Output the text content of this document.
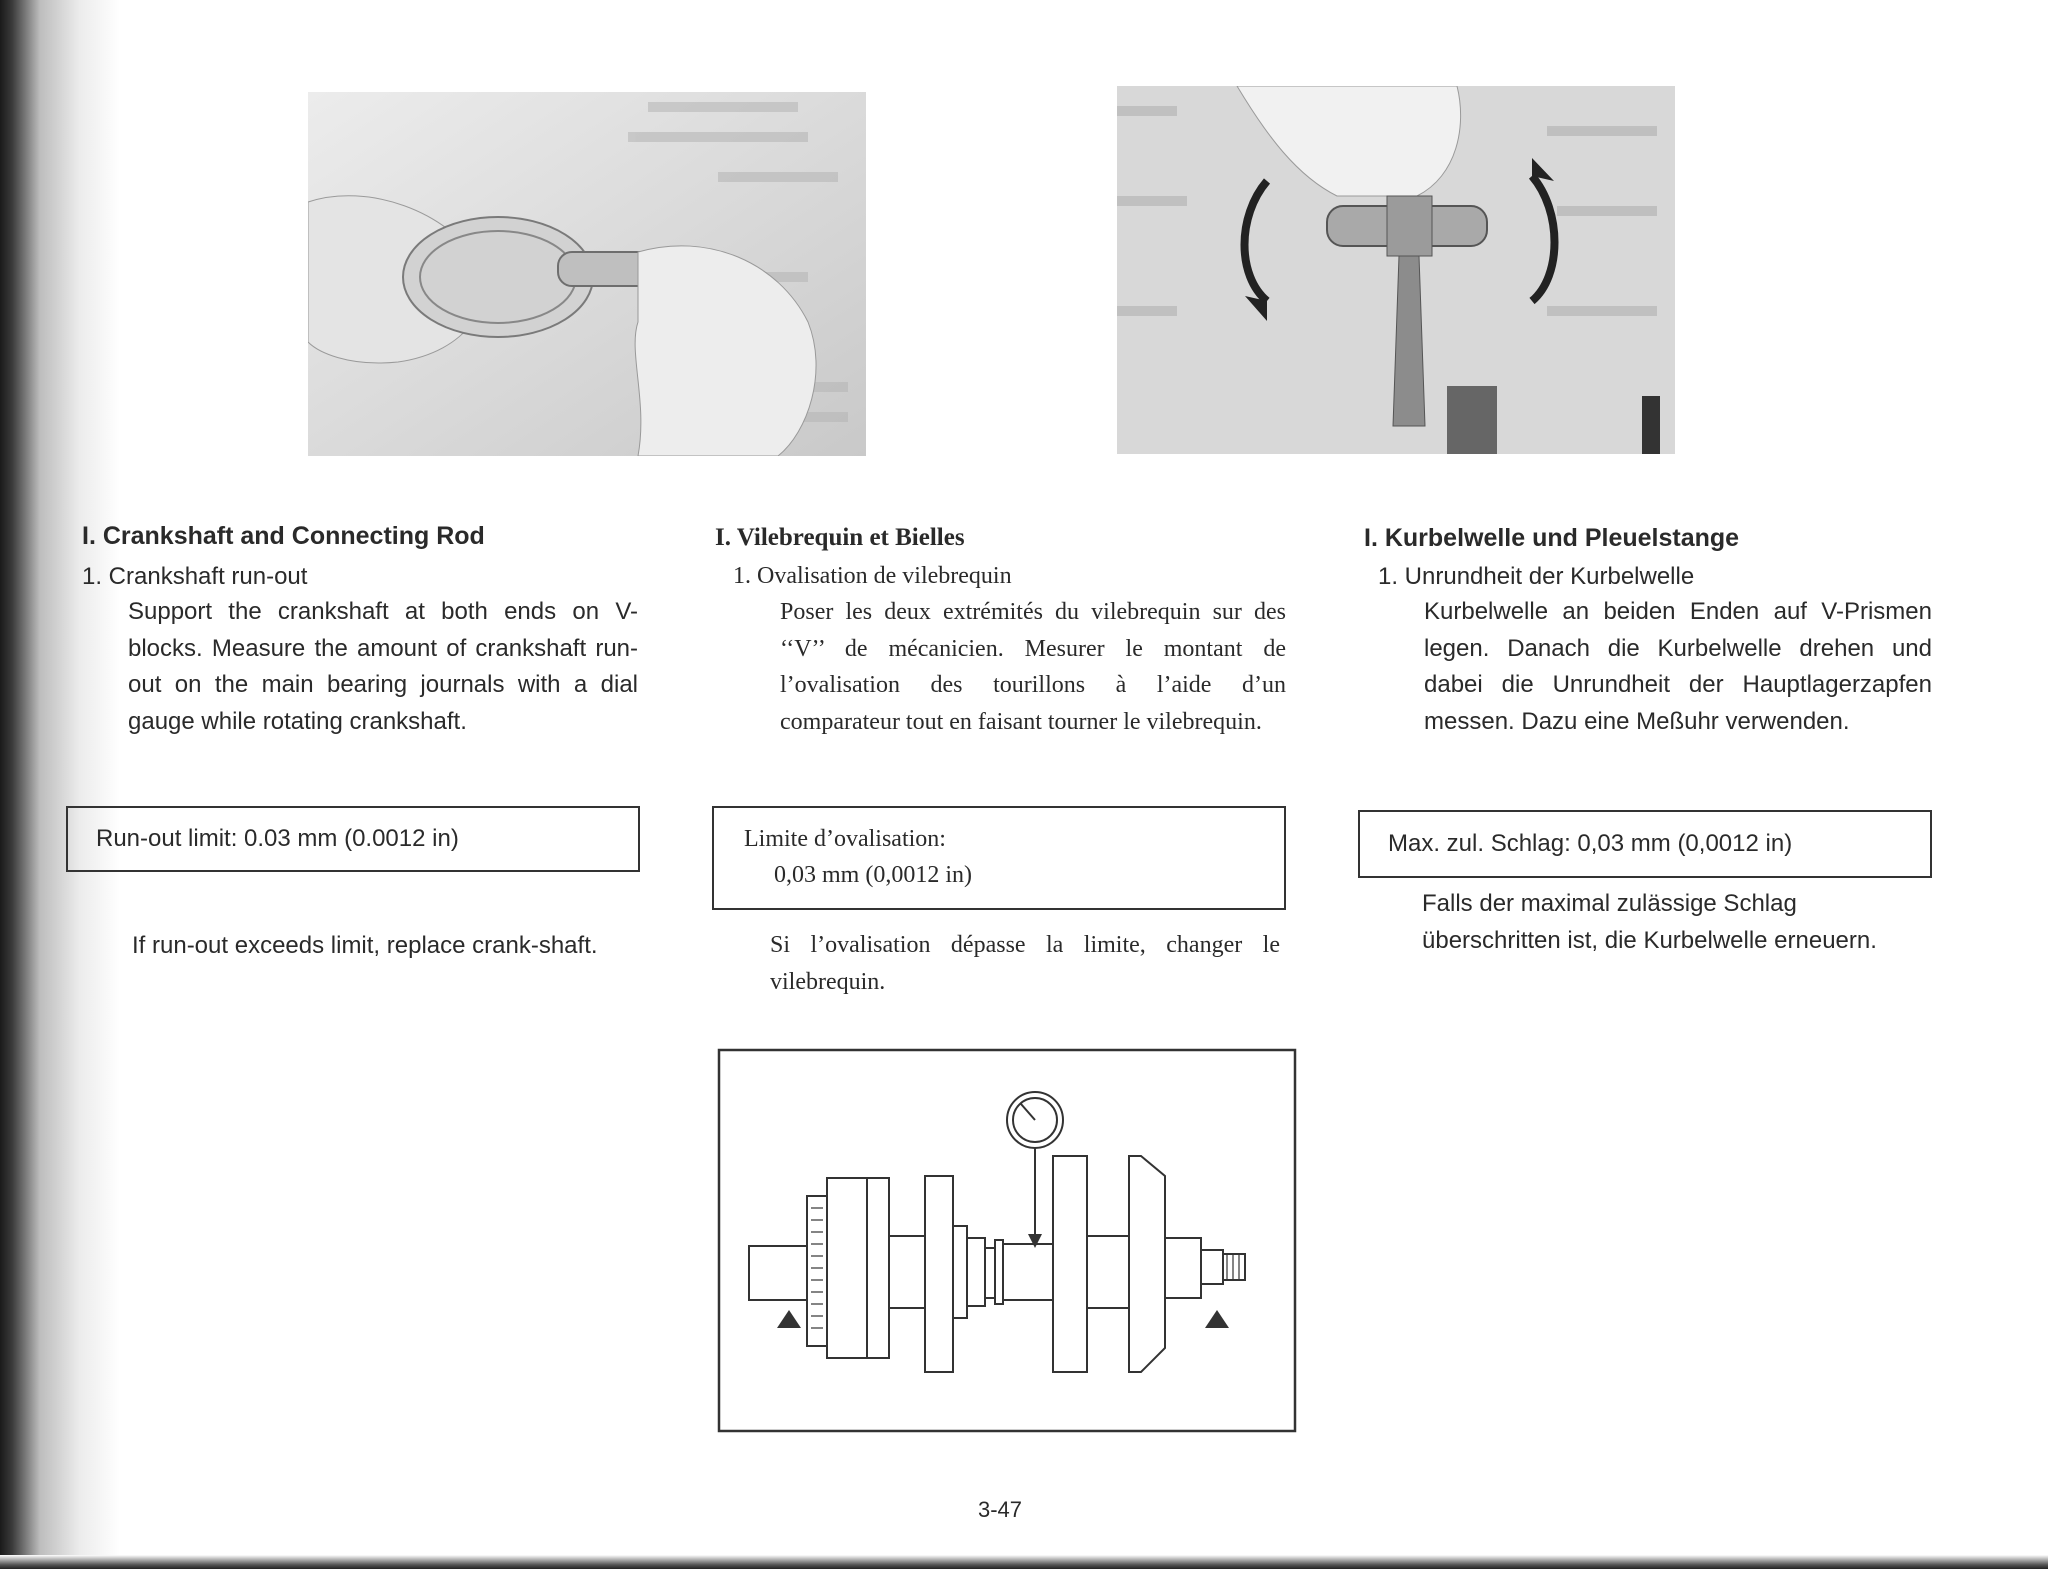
I. Crankshaft and Connecting Rod
1. Crankshaft run-out
Support the crankshaft at both ends on V-blocks. Measure the amount of crankshaft run-out on the main bearing journals with a dial gauge while rotating crankshaft.
Run-out limit: 0.03 mm (0.0012 in)
If run-out exceeds limit, replace crank-shaft.
I. Vilebrequin et Bielles
1. Ovalisation de vilebrequin
Poser les deux extrémités du vilebrequin sur des ‘‘V’’ de mécanicien. Mesurer le montant de l’ovalisation des tourillons à l’aide d’un comparateur tout en faisant tourner le vilebrequin.
Limite d’ovalisation:
0,03 mm (0,0012 in)
Si l’ovalisation dépasse la limite, changer le vilebrequin.
I. Kurbelwelle und Pleuelstange
1. Unrundheit der Kurbelwelle
Kurbelwelle an beiden Enden auf V-Prismen legen. Danach die Kurbelwelle drehen und dabei die Unrundheit der Hauptlagerzapfen messen. Dazu eine Meßuhr verwenden.
Max. zul. Schlag: 0,03 mm (0,0012 in)
Falls der maximal zulässige Schlag überschritten ist, die Kurbelwelle erneuern.
3-47
